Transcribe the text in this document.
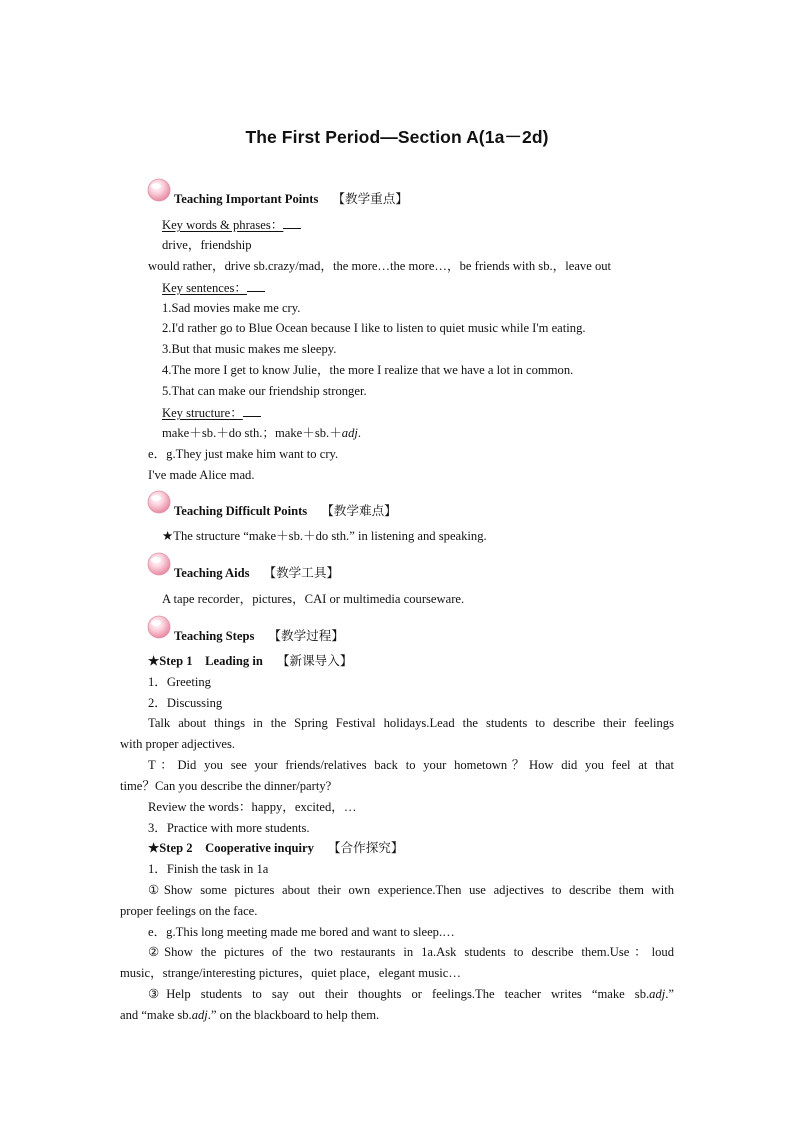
The First Period—Section A(1a－2d)
Teaching Important Points 【教学重点】
Key words & phrases：
drive，friendship
would rather，drive sb.crazy/mad，the more…the more…，be friends with sb.，leave out
Key sentences：
1.Sad movies make me cry.
2.I'd rather go to Blue Ocean because I like to listen to quiet music while I'm eating.
3.But that music makes me sleepy.
4.The more I get to know Julie，the more I realize that we have a lot in common.
5.That can make our friendship stronger.
Key structure：
make＋sb.＋do sth.；make＋sb.＋adj.
e．g.They just make him want to cry.
I've made Alice mad.
Teaching Difficult Points 【教学难点】
★The structure “make＋sb.＋do sth.” in listening and speaking.
Teaching Aids 【教学工具】
A tape recorder，pictures，CAI or multimedia courseware.
Teaching Steps 【教学过程】
★Step 1　Leading in 【新课导入】
1．Greeting
2．Discussing
Talk about things in the Spring Festival holidays.Lead the students to describe their feelings
with proper adjectives.
T：Did you see your friends/relatives back to your hometown？How did you feel at that
time？Can you describe the dinner/party?
Review the words：happy，excited，…
3．Practice with more students.
★Step 2　Cooperative inquiry 【合作探究】
1．Finish the task in 1a
①Show some pictures about their own experience.Then use adjectives to describe them with
proper feelings on the face.
e．g.This long meeting made me bored and want to sleep.…
②Show the pictures of the two restaurants in 1a.Ask students to describe them.Use：loud
music，strange/interesting pictures，quiet place，elegant music…
③Help students to say out their thoughts or feelings.The teacher writes “make sb.adj.”
and “make sb.adj.” on the blackboard to help them.
